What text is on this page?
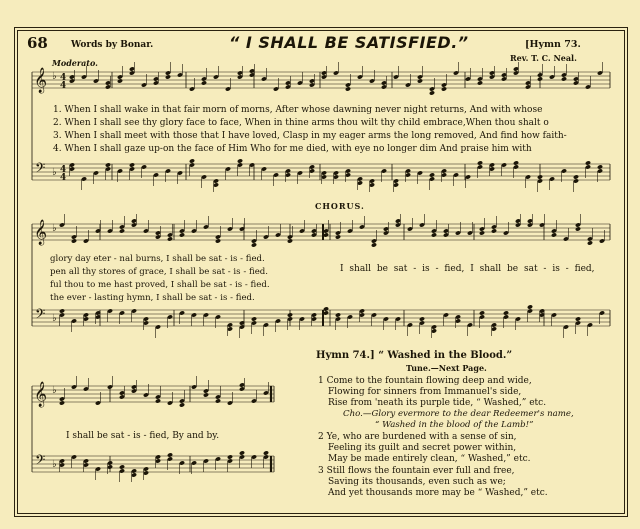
68	Words by Bonar.	“ I SHALL BE SATISFIED.”	[Hymn 73.
Rev. T. C. Neal.
Moderato.
1. When I shall wake in that fair morn of morns, After whose dawning never night returns, And with whose
2. When I shall see thy glory face to face, When in thine arms thou wilt thy child embrace,When thou shalt o
3. When I shall meet with those that I have loved, Clasp in my eager arms the long removed, And find how faith-
4. When I shall gaze up-on the face of Him Who for me died, with eye no longer dim And praise him with
glory day eter - nal burns, I shall be sat - is - fied.
pen all thy stores of grace, I shall be sat - is - fied.
ful thou to me hast proved, I shall be sat - is - fied.
the ever - lasting hymn, I shall be sat - is - fied.
CHORUS.
I shall be sat - is - fied, I shall be sat - is - fied,
I shall be sat - is - fied, By and by.
Hymn 74.] “ Washed in the Blood.”
Tune.—Next Page.
1 Come to the fountain flowing deep and wide,
Flowing for sinners from Immanuel's side,
Rise from 'neath its purple tide, “ Washed,” etc.
Cho.—Glory evermore to the dear Redeemer's name,
“ Washed in the blood of the Lamb!”
2 Ye, who are burdened with a sense of sin,
Feeling its guilt and secret power within,
May be made entirely clean, “ Washed,” etc.
3 Still flows the fountain ever full and free,
Saving its thousands, even such as we;
And yet thousands more may be “ Washed,” etc.
𝄞
𝄢
♭
♭
4
4
4
4
𝄞
𝄢
♭
♭
𝄞
𝄢
♭
♭
